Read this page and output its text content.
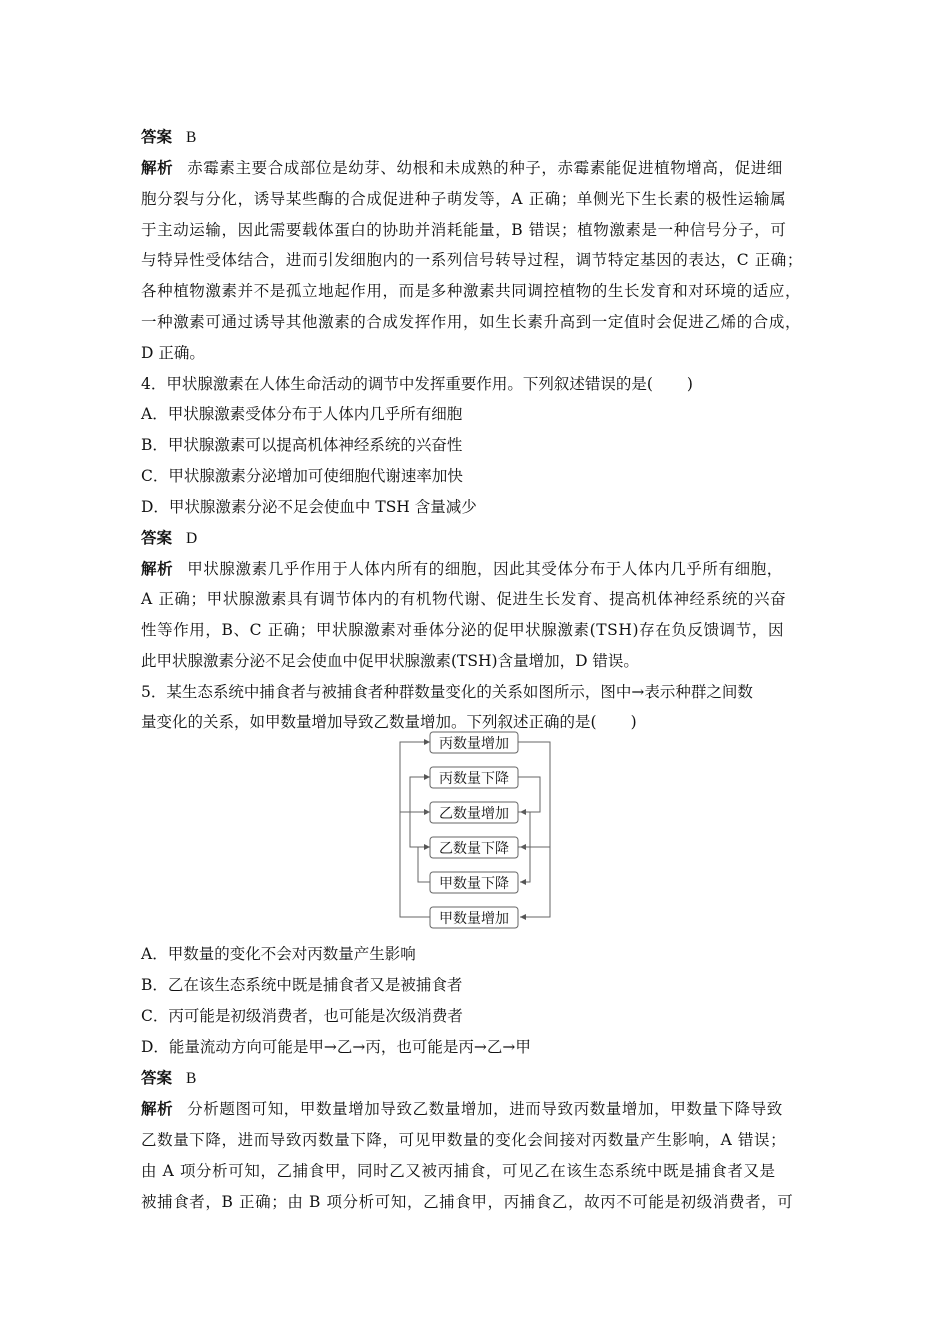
答案 B
解析 赤霉素主要合成部位是幼芽、幼根和未成熟的种子，赤霉素能促进植物增高，促进细
胞分裂与分化，诱导某些酶的合成促进种子萌发等，A 正确；单侧光下生长素的极性运输属
于主动运输，因此需要载体蛋白的协助并消耗能量，B 错误；植物激素是一种信号分子，可
与特异性受体结合，进而引发细胞内的一系列信号转导过程，调节特定基因的表达，C 正确；
各种植物激素并不是孤立地起作用，而是多种激素共同调控植物的生长发育和对环境的适应，
一种激素可通过诱导其他激素的合成发挥作用，如生长素升高到一定值时会促进乙烯的合成，
D 正确。
4．甲状腺激素在人体生命活动的调节中发挥重要作用。下列叙述错误的是( )
A．甲状腺激素受体分布于人体内几乎所有细胞
B．甲状腺激素可以提高机体神经系统的兴奋性
C．甲状腺激素分泌增加可使细胞代谢速率加快
D．甲状腺激素分泌不足会使血中 TSH 含量减少
答案 D
解析 甲状腺激素几乎作用于人体内所有的细胞，因此其受体分布于人体内几乎所有细胞，
A 正确；甲状腺激素具有调节体内的有机物代谢、促进生长发育、提高机体神经系统的兴奋
性等作用，B、C 正确；甲状腺激素对垂体分泌的促甲状腺激素(TSH)存在负反馈调节，因
此甲状腺激素分泌不足会使血中促甲状腺激素(TSH)含量增加，D 错误。
5．某生态系统中捕食者与被捕食者种群数量变化的关系如图所示，图中→表示种群之间数
量变化的关系，如甲数量增加导致乙数量增加。下列叙述正确的是( )
丙数量增加
丙数量下降
乙数量增加
乙数量下降
甲数量下降
甲数量增加
A．甲数量的变化不会对丙数量产生影响
B．乙在该生态系统中既是捕食者又是被捕食者
C．丙可能是初级消费者，也可能是次级消费者
D．能量流动方向可能是甲→乙→丙，也可能是丙→乙→甲
答案 B
解析 分析题图可知，甲数量增加导致乙数量增加，进而导致丙数量增加，甲数量下降导致
乙数量下降，进而导致丙数量下降，可见甲数量的变化会间接对丙数量产生影响，A 错误；
由 A 项分析可知，乙捕食甲，同时乙又被丙捕食，可见乙在该生态系统中既是捕食者又是
被捕食者，B 正确；由 B 项分析可知，乙捕食甲，丙捕食乙，故丙不可能是初级消费者，可
